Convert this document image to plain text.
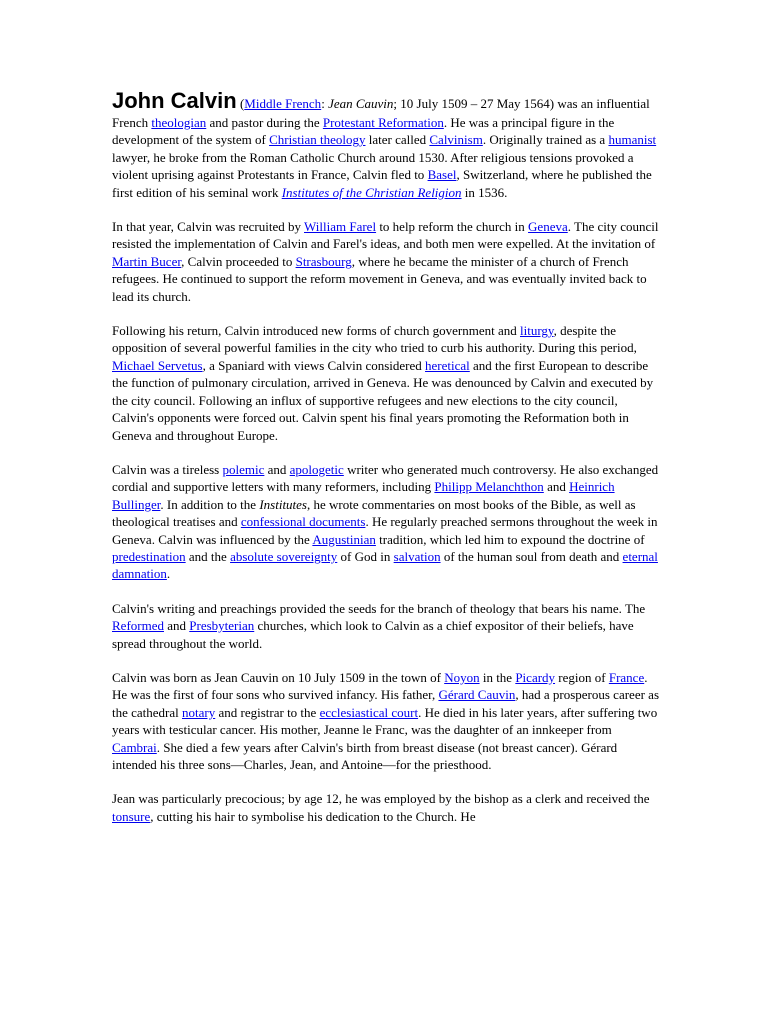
John Calvin (Middle French: Jean Cauvin; 10 July 1509 – 27 May 1564) was an influential French theologian and pastor during the Protestant Reformation. He was a principal figure in the development of the system of Christian theology later called Calvinism. Originally trained as a humanist lawyer, he broke from the Roman Catholic Church around 1530. After religious tensions provoked a violent uprising against Protestants in France, Calvin fled to Basel, Switzerland, where he published the first edition of his seminal work Institutes of the Christian Religion in 1536.

In that year, Calvin was recruited by William Farel to help reform the church in Geneva. The city council resisted the implementation of Calvin and Farel's ideas, and both men were expelled. At the invitation of Martin Bucer, Calvin proceeded to Strasbourg, where he became the minister of a church of French refugees. He continued to support the reform movement in Geneva, and was eventually invited back to lead its church.

Following his return, Calvin introduced new forms of church government and liturgy, despite the opposition of several powerful families in the city who tried to curb his authority. During this period, Michael Servetus, a Spaniard with views Calvin considered heretical and the first European to describe the function of pulmonary circulation, arrived in Geneva. He was denounced by Calvin and executed by the city council. Following an influx of supportive refugees and new elections to the city council, Calvin's opponents were forced out. Calvin spent his final years promoting the Reformation both in Geneva and throughout Europe.

Calvin was a tireless polemic and apologetic writer who generated much controversy. He also exchanged cordial and supportive letters with many reformers, including Philipp Melanchthon and Heinrich Bullinger. In addition to the Institutes, he wrote commentaries on most books of the Bible, as well as theological treatises and confessional documents. He regularly preached sermons throughout the week in Geneva. Calvin was influenced by the Augustinian tradition, which led him to expound the doctrine of predestination and the absolute sovereignty of God in salvation of the human soul from death and eternal damnation.

Calvin's writing and preachings provided the seeds for the branch of theology that bears his name. The Reformed and Presbyterian churches, which look to Calvin as a chief expositor of their beliefs, have spread throughout the world.

Calvin was born as Jean Cauvin on 10 July 1509 in the town of Noyon in the Picardy region of France. He was the first of four sons who survived infancy. His father, Gérard Cauvin, had a prosperous career as the cathedral notary and registrar to the ecclesiastical court. He died in his later years, after suffering two years with testicular cancer. His mother, Jeanne le Franc, was the daughter of an innkeeper from Cambrai. She died a few years after Calvin's birth from breast disease (not breast cancer). Gérard intended his three sons—Charles, Jean, and Antoine—for the priesthood.

Jean was particularly precocious; by age 12, he was employed by the bishop as a clerk and received the tonsure, cutting his hair to symbolise his dedication to the Church. He
